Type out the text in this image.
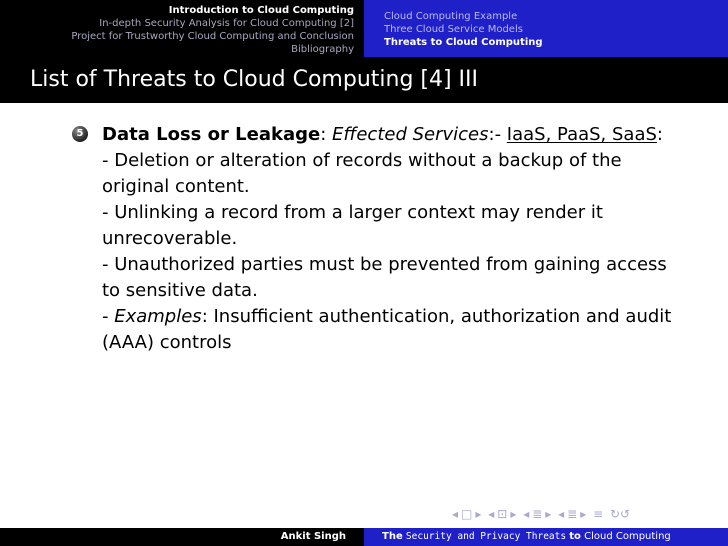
Introduction to Cloud Computing
In-depth Security Analysis for Cloud Computing [2]
Project for Trustworthy Cloud Computing and Conclusion
Bibliography
Cloud Computing Example
Three Cloud Service Models
Threats to Cloud Computing
List of Threats to Cloud Computing [4] III
5 Data Loss or Leakage: Effected Services:- IaaS, PaaS, SaaS:

- Deletion or alteration of records without a backup of the original content.

- Unlinking a record from a larger context may render it unrecoverable.

- Unauthorized parties must be prevented from gaining access to sensitive data.

- Examples: Insufficient authentication, authorization and audit (AAA) controls

◂ □ ▸ ◂ ⊡ ▸ ◂ ≣ ▸ ◂ ≣ ▸ ≡ ↻↺
Ankit Singh	The Security and Privacy Threats to Cloud Computing
